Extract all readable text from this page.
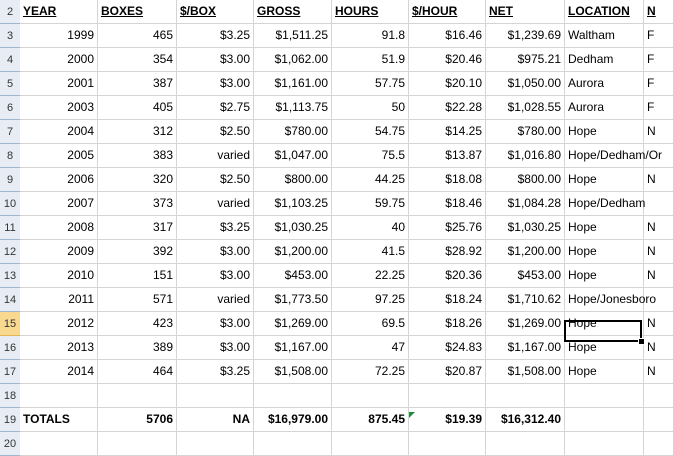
2 YEAR	BOXES	$/BOX	GROSS	HOURS	$/HOUR	NET	LOCATION	N
3	1999	465	$3.25	$1,511.25	91.8	$16.46	$1,239.69 Waltham	F
4	2000	354	$3.00	$1,062.00	51.9	$20.46	$975.21 Dedham	F
5	2001	387	$3.00	$1,161.00	57.75	$20.10	$1,050.00 Aurora	F
6	2003	405	$2.75	$1,113.75	50	$22.28	$1,028.55 Aurora	F
7	2004	312	$2.50	$780.00	54.75	$14.25	$780.00 Hope	N
8	2005	383	varied	$1,047.00	75.5	$13.87	$1,016.80 Hope/Dedham/Or
9	2006	320	$2.50	$800.00	44.25	$18.08	$800.00 Hope	N
10	2007	373	varied	$1,103.25	59.75	$18.46	$1,084.28 Hope/Dedham
11	2008	317	$3.25	$1,030.25	40	$25.76	$1,030.25 Hope	N
12	2009	392	$3.00	$1,200.00	41.5	$28.92	$1,200.00 Hope	N
13	2010	151	$3.00	$453.00	22.25	$20.36	$453.00 Hope	N
14	2011	571	varied	$1,773.50	97.25	$18.24	$1,710.62 Hope/Jonesboro
15	2012	423	$3.00	$1,269.00	69.5	$18.26	$1,269.00 Hope	N
16	2013	389	$3.00	$1,167.00	47	$24.83	$1,167.00 Hope	N
17	2014	464	$3.25	$1,508.00	72.25	$20.87	$1,508.00 Hope	N
18
19 TOTALS	5706	NA	$16,979.00	875.45	$19.39	$16,312.40
20
